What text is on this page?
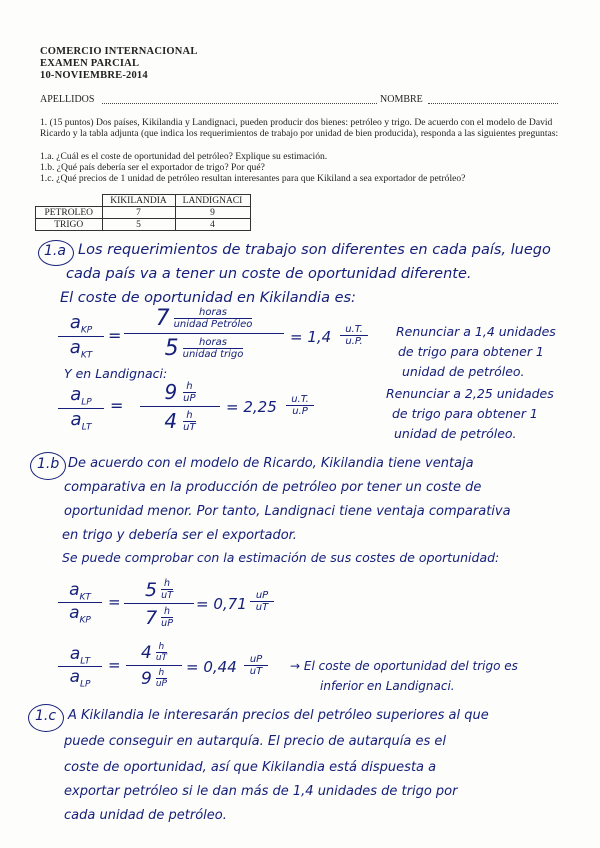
COMERCIO INTERNACIONAL
EXAMEN PARCIAL
10-NOVIEMBRE-2014
APELLIDOS	NOMBRE
1. (15 puntos) Dos países, Kikilandia y Landignaci, pueden producir dos bienes: petróleo y trigo. De acuerdo con el modelo de David Ricardo y la tabla adjunta (que indica los requerimientos de trabajo por unidad de bien producida), responda a las siguientes preguntas:
1.a. ¿Cuál es el coste de oportunidad del petróleo? Explique su estimación.
1.b. ¿Qué país debería ser el exportador de trigo? Por qué?
1.c. ¿Qué precios de 1 unidad de petróleo resultan interesantes para que Kikiland a sea exportador de petróleo?
	KIKILANDIA	LANDIGNACI
PETROLEO	7	9
TRIGO	5	4
1.a Los requerimientos de trabajo son diferentes en cada país, luego
cada país va a tener un coste de oportunidad diferente.
El coste de oportunidad en Kikilandia es:
$a_{KP}$
$a_{KT}$
=
7	horas
unidad Petróleo
5 horas
unidad trigo
= 1,4 u.T.
u.P.
Renunciar a 1,4 unidades
de trigo para obtener 1
unidad de petróleo.
Y en Landignaci:
$a_{LP}$
$a_{LT}$
=
9 h
uP
4 h
uT
= 2,25 u.T.
u.P
Renunciar a 2,25 unidades
de trigo para obtener 1
unidad de petróleo.
1.b De acuerdo con el modelo de Ricardo, Kikilandia tiene ventaja
comparativa en la producción de petróleo por tener un coste de
oportunidad menor. Por tanto, Landignaci tiene ventaja comparativa
en trigo y debería ser el exportador.
Se puede comprobar con la estimación de sus costes de oportunidad:
$a_{KT}$
$a_{KP}$
=
5 h
uT
7 h
uP
= 0,71 uP
uT
$a_{LT}$
$a_{LP}$
=
4 h
uT
9 h
uP
= 0,44 uP
uT → El coste de oportunidad del trigo es
inferior en Landignaci.
1.c A Kikilandia le interesarán precios del petróleo superiores al que
puede conseguir en autarquía. El precio de autarquía es el
coste de oportunidad, así que Kikilandia está dispuesta a
exportar petróleo si le dan más de 1,4 unidades de trigo por
cada unidad de petróleo.
